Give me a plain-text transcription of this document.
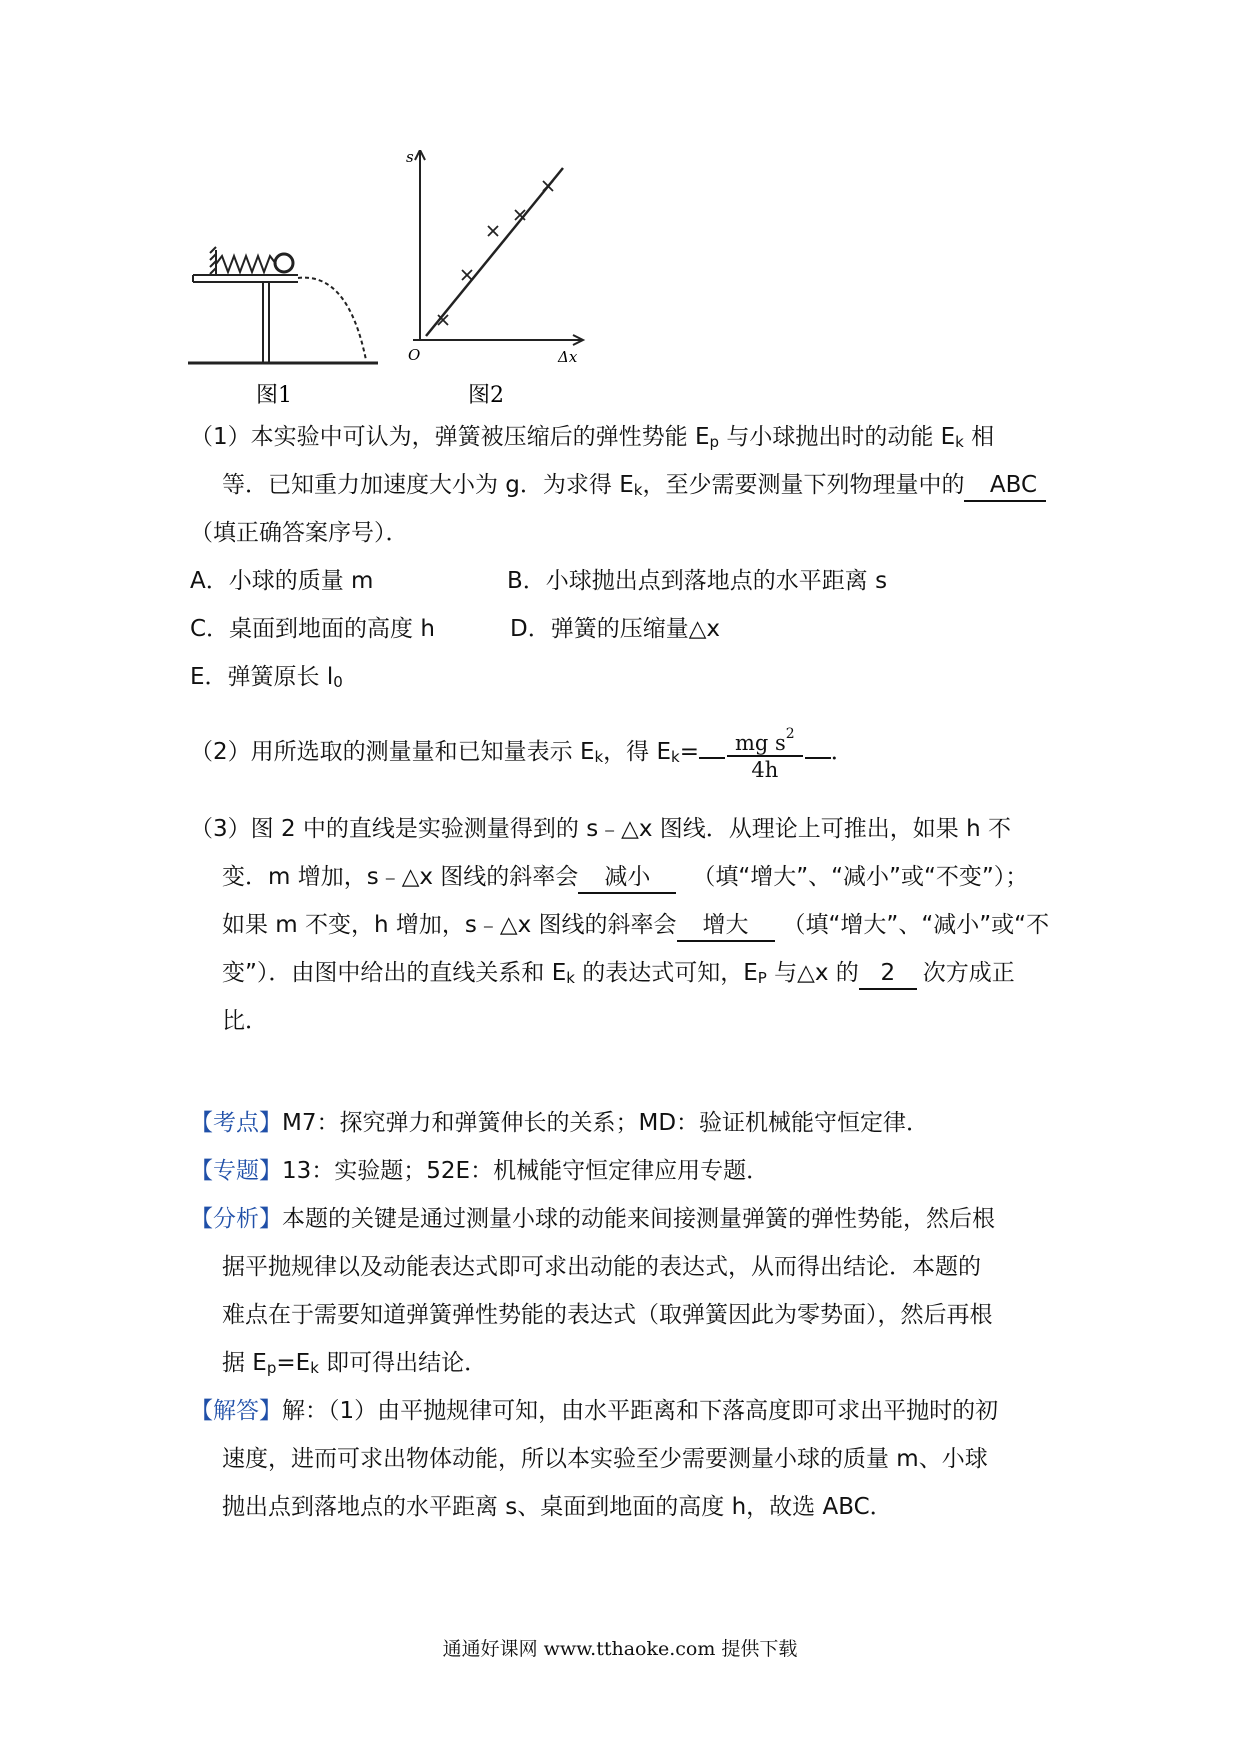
图1
s
Δx
O
图2
（1）本实验中可认为，弹簧被压缩后的弹性势能 $E_p$ 与小球抛出时的动能 $E_k$ 相
等．已知重力加速度大小为 g．为求得 $E_k$，至少需要测量下列物理量中的 ABC
（填正确答案序号）．
A．小球的质量 m	B．小球抛出点到落地点的水平距离 s
C．桌面到地面的高度 h	D．弹簧的压缩量△x
E．弹簧原长 $l_0$
（2）用所选取的测量量和已知量表示 $E_k$，得 $E_k= \frac{mg s^2}{4h}$ ．
（3）图 2 中的直线是实验测量得到的 s﹣△x 图线．从理论上可推出，如果 h 不
变．m 增加，s﹣△x 图线的斜率会 减小 （填“增大”、“减小”或“不变”）；
如果 m 不变，h 增加，s﹣△x 图线的斜率会 增大 （填“增大”、“减小”或“不
变”）．由图中给出的直线关系和 $E_k$ 的表达式可知，$E_P$ 与△x 的 2 次方成正
比．
【考点】M7：探究弹力和弹簧伸长的关系；MD：验证机械能守恒定律．
【专题】13：实验题；52E：机械能守恒定律应用专题．
【分析】本题的关键是通过测量小球的动能来间接测量弹簧的弹性势能，然后根
据平抛规律以及动能表达式即可求出动能的表达式，从而得出结论．本题的
难点在于需要知道弹簧弹性势能的表达式（取弹簧因此为零势面），然后再根
据 $E_p=E_k$ 即可得出结论．
【解答】解：（1）由平抛规律可知，由水平距离和下落高度即可求出平抛时的初
速度，进而可求出物体动能，所以本实验至少需要测量小球的质量 m、小球
抛出点到落地点的水平距离 s、桌面到地面的高度 h，故选 ABC．
通通好课网 www.tthaoke.com 提供下载
